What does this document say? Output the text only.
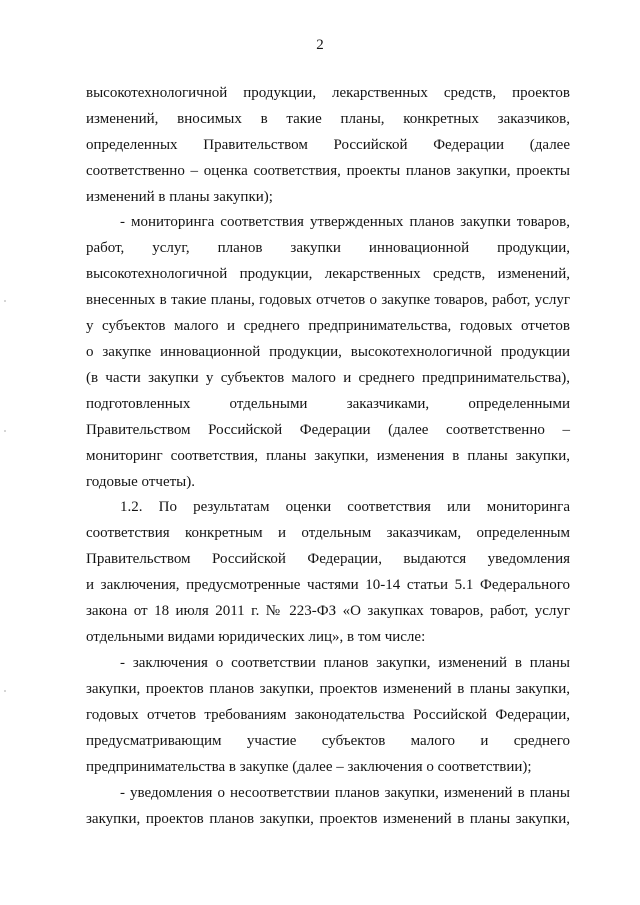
2
высокотехнологичной продукции, лекарственных средств, проектов
изменений, вносимых в такие планы, конкретных заказчиков,
определенных Правительством Российской Федерации (далее
соответственно – оценка соответствия, проекты планов закупки, проекты
изменений в планы закупки);
- мониторинга соответствия утвержденных планов закупки товаров,
работ, услуг, планов закупки инновационной продукции,
высокотехнологичной продукции, лекарственных средств, изменений,
внесенных в такие планы, годовых отчетов о закупке товаров, работ, услуг
у субъектов малого и среднего предпринимательства, годовых отчетов
о закупке инновационной продукции, высокотехнологичной продукции
(в части закупки у субъектов малого и среднего предпринимательства),
подготовленных отдельными заказчиками, определенными
Правительством Российской Федерации (далее соответственно –
мониторинг соответствия, планы закупки, изменения в планы закупки,
годовые отчеты).
1.2. По результатам оценки соответствия или мониторинга
соответствия конкретным и отдельным заказчикам, определенным
Правительством Российской Федерации, выдаются уведомления
и заключения, предусмотренные частями 10-14 статьи 5.1 Федерального
закона от 18 июля 2011 г. № 223-ФЗ «О закупках товаров, работ, услуг
отдельными видами юридических лиц», в том числе:
- заключения о соответствии планов закупки, изменений в планы
закупки, проектов планов закупки, проектов изменений в планы закупки,
годовых отчетов требованиям законодательства Российской Федерации,
предусматривающим участие субъектов малого и среднего
предпринимательства в закупке (далее – заключения о соответствии);
- уведомления о несоответствии планов закупки, изменений в планы
закупки, проектов планов закупки, проектов изменений в планы закупки,
